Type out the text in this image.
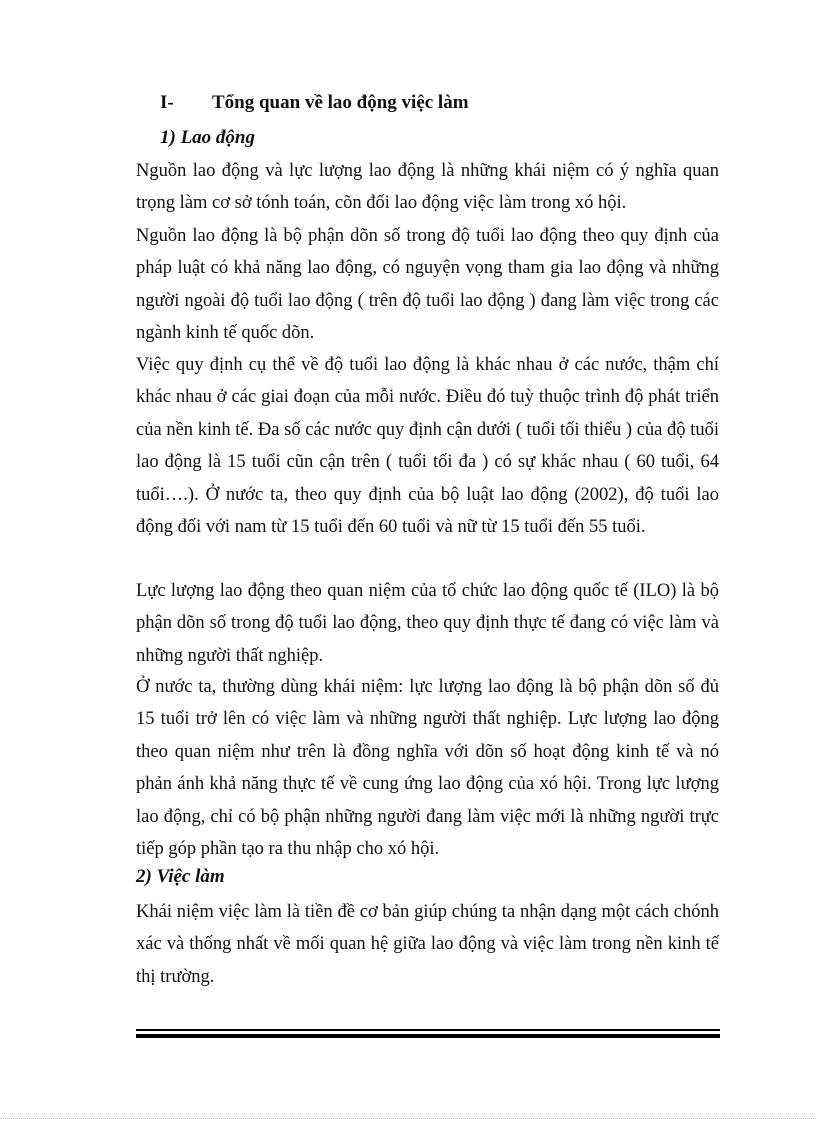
I- Tổng quan về lao động việc làm
1) Lao động

Nguồn lao động và lực lượng lao động là những khái niệm có ý nghĩa quan trọng làm cơ sở tónh toán, cõn đối lao động việc làm trong xó hội.

Nguồn lao động là bộ phận dõn số trong độ tuổi lao động theo quy định của pháp luật có khả năng lao động, có nguyện vọng tham gia lao động và những người ngoài độ tuổi lao động ( trên độ tuổi lao động ) đang làm việc trong các ngành kinh tế quốc dõn.

Việc quy định cụ thể về độ tuổi lao động là khác nhau ở các nước, thậm chí khác nhau ở các giai đoạn của mỗi nước. Điều đó tuỳ thuộc trình độ phát triển của nền kinh tế. Đa số các nước quy định cận dưới ( tuổi tối thiểu ) của độ tuổi lao động là 15 tuổi cũn cận trên ( tuổi tối đa ) có sự khác nhau ( 60 tuổi, 64 tuổi….). Ở nước ta, theo quy định của bộ luật lao động (2002), độ tuổi lao động đối với nam từ 15 tuổi đến 60 tuổi và nữ từ 15 tuổi đến 55 tuổi.

Lực lượng lao động theo quan niệm của tổ chức lao động quốc tế (ILO) là bộ phận dõn số trong độ tuổi lao động, theo quy định thực tế đang có việc làm và những người thất nghiệp.

Ở nước ta, thường dùng khái niệm: lực lượng lao động là bộ phận dõn số đủ 15 tuổi trở lên có việc làm và những người thất nghiệp. Lực lượng lao động theo quan niệm như trên là đồng nghĩa với dõn số hoạt động kinh tế và nó phản ánh khả năng thực tế về cung ứng lao động của xó hội. Trong lực lượng lao động, chỉ có bộ phận những người đang làm việc mới là những người trực tiếp góp phần tạo ra thu nhập cho xó hội.

2) Việc làm

Khái niệm việc làm là tiền đề cơ bản giúp chúng ta nhận dạng một cách chónh xác và thống nhất về mối quan hệ giữa lao động và việc làm trong nền kinh tế thị trường.
